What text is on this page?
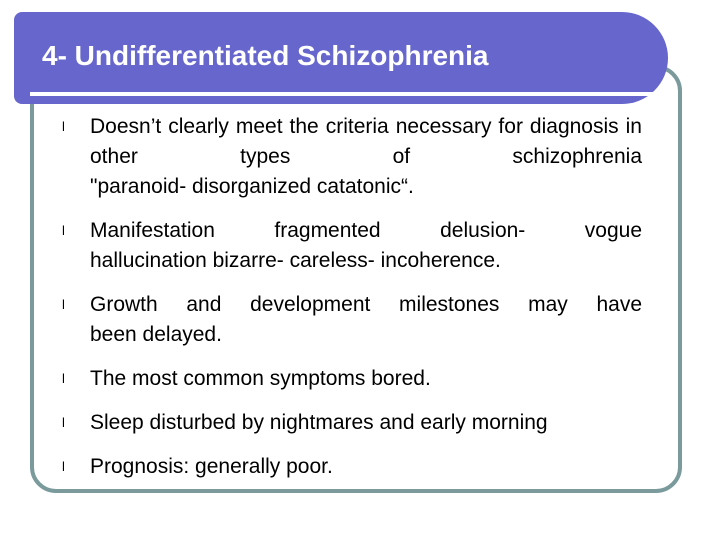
4- Undifferentiated Schizophrenia
l	Doesn’t clearly meet the criteria necessary for diagnosis in other types of schizophrenia
"paranoid- disorganized catatonic“.
l	Manifestation fragmented delusion- vogue
hallucination bizarre- careless- incoherence.
l	Growth and development milestones may have
been delayed.
l	The most common symptoms bored.
l	Sleep disturbed by nightmares and early morning
l	Prognosis: generally poor.
